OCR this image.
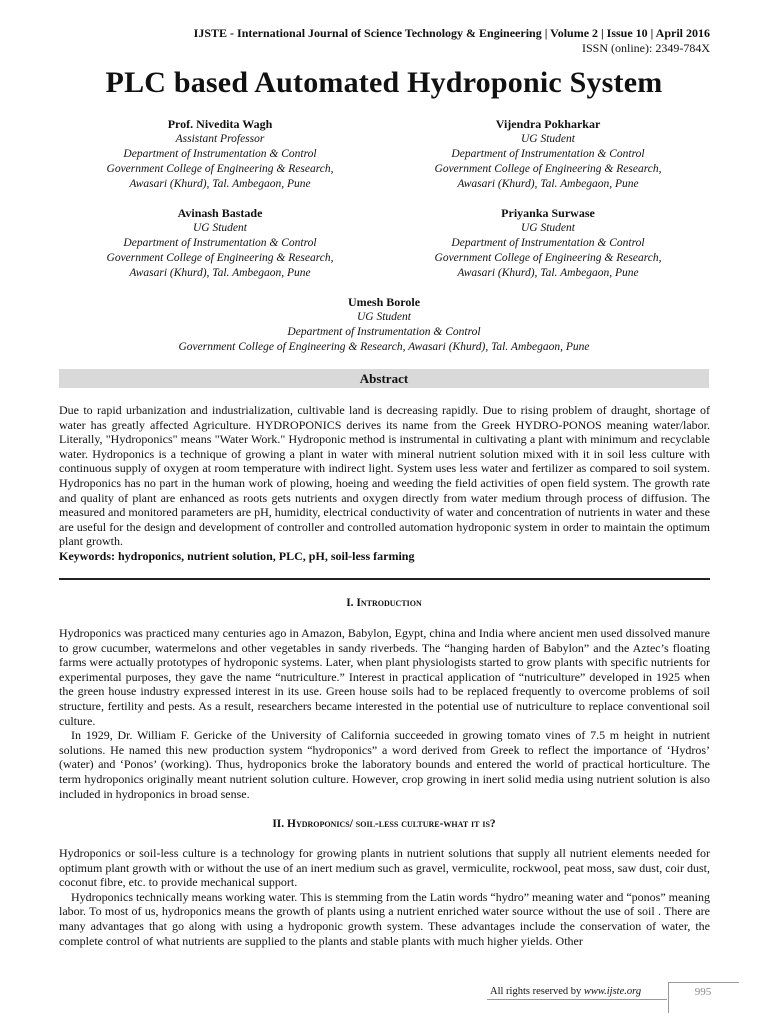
IJSTE - International Journal of Science Technology & Engineering | Volume 2 | Issue 10 | April 2016
ISSN (online): 2349-784X
PLC based Automated Hydroponic System
Prof. Nivedita Wagh
Assistant Professor
Department of Instrumentation & Control
Government College of Engineering & Research,
Awasari (Khurd), Tal. Ambegaon, Pune
Vijendra Pokharkar
UG Student
Department of Instrumentation & Control
Government College of Engineering & Research,
Awasari (Khurd), Tal. Ambegaon, Pune
Avinash Bastade
UG Student
Department of Instrumentation & Control
Government College of Engineering & Research,
Awasari (Khurd), Tal. Ambegaon, Pune
Priyanka Surwase
UG Student
Department of Instrumentation & Control
Government College of Engineering & Research,
Awasari (Khurd), Tal. Ambegaon, Pune
Umesh Borole
UG Student
Department of Instrumentation & Control
Government College of Engineering & Research, Awasari (Khurd), Tal. Ambegaon, Pune
Abstract

Due to rapid urbanization and industrialization, cultivable land is decreasing rapidly. Due to rising problem of draught, shortage of water has greatly affected Agriculture. HYDROPONICS derives its name from the Greek HYDRO-PONOS meaning water/labor. Literally, "Hydroponics" means "Water Work." Hydroponic method is instrumental in cultivating a plant with minimum and recyclable water. Hydroponics is a technique of growing a plant in water with mineral nutrient solution mixed with it in soil less culture with continuous supply of oxygen at room temperature with indirect light. System uses less water and fertilizer as compared to soil system. Hydroponics has no part in the human work of plowing, hoeing and weeding the field activities of open field system. The growth rate and quality of plant are enhanced as roots gets nutrients and oxygen directly from water medium through process of diffusion. The measured and monitored parameters are pH, humidity, electrical conductivity of water and concentration of nutrients in water and these are useful for the design and development of controller and controlled automation hydroponic system in order to maintain the optimum plant growth.

Keywords: hydroponics, nutrient solution, PLC, pH, soil-less farming

I. Introduction

Hydroponics was practiced many centuries ago in Amazon, Babylon, Egypt, china and India where ancient men used dissolved manure to grow cucumber, watermelons and other vegetables in sandy riverbeds. The “hanging harden of Babylon” and the Aztec’s floating farms were actually prototypes of hydroponic systems. Later, when plant physiologists started to grow plants with specific nutrients for experimental purposes, they gave the name “nutriculture.” Interest in practical application of “nutriculture” developed in 1925 when the green house industry expressed interest in its use. Green house soils had to be replaced frequently to overcome problems of soil structure, fertility and pests. As a result, researchers became interested in the potential use of nutriculture to replace conventional soil culture.

In 1929, Dr. William F. Gericke of the University of California succeeded in growing tomato vines of 7.5 m height in nutrient solutions. He named this new production system “hydroponics” a word derived from Greek to reflect the importance of ‘Hydros’ (water) and ‘Ponos’ (working). Thus, hydroponics broke the laboratory bounds and entered the world of practical horticulture. The term hydroponics originally meant nutrient solution culture. However, crop growing in inert solid media using nutrient solution is also included in hydroponics in broad sense.

II. Hydroponics/ soil-less culture-what it is?

Hydroponics or soil-less culture is a technology for growing plants in nutrient solutions that supply all nutrient elements needed for optimum plant growth with or without the use of an inert medium such as gravel, vermiculite, rockwool, peat moss, saw dust, coir dust, coconut fibre, etc. to provide mechanical support.

Hydroponics technically means working water. This is stemming from the Latin words “hydro” meaning water and “ponos” meaning labor. To most of us, hydroponics means the growth of plants using a nutrient enriched water source without the use of soil . There are many advantages that go along with using a hydroponic growth system. These advantages include the conservation of water, the complete control of what nutrients are supplied to the plants and stable plants with much higher yields. Other

All rights reserved by www.ijste.org	995
